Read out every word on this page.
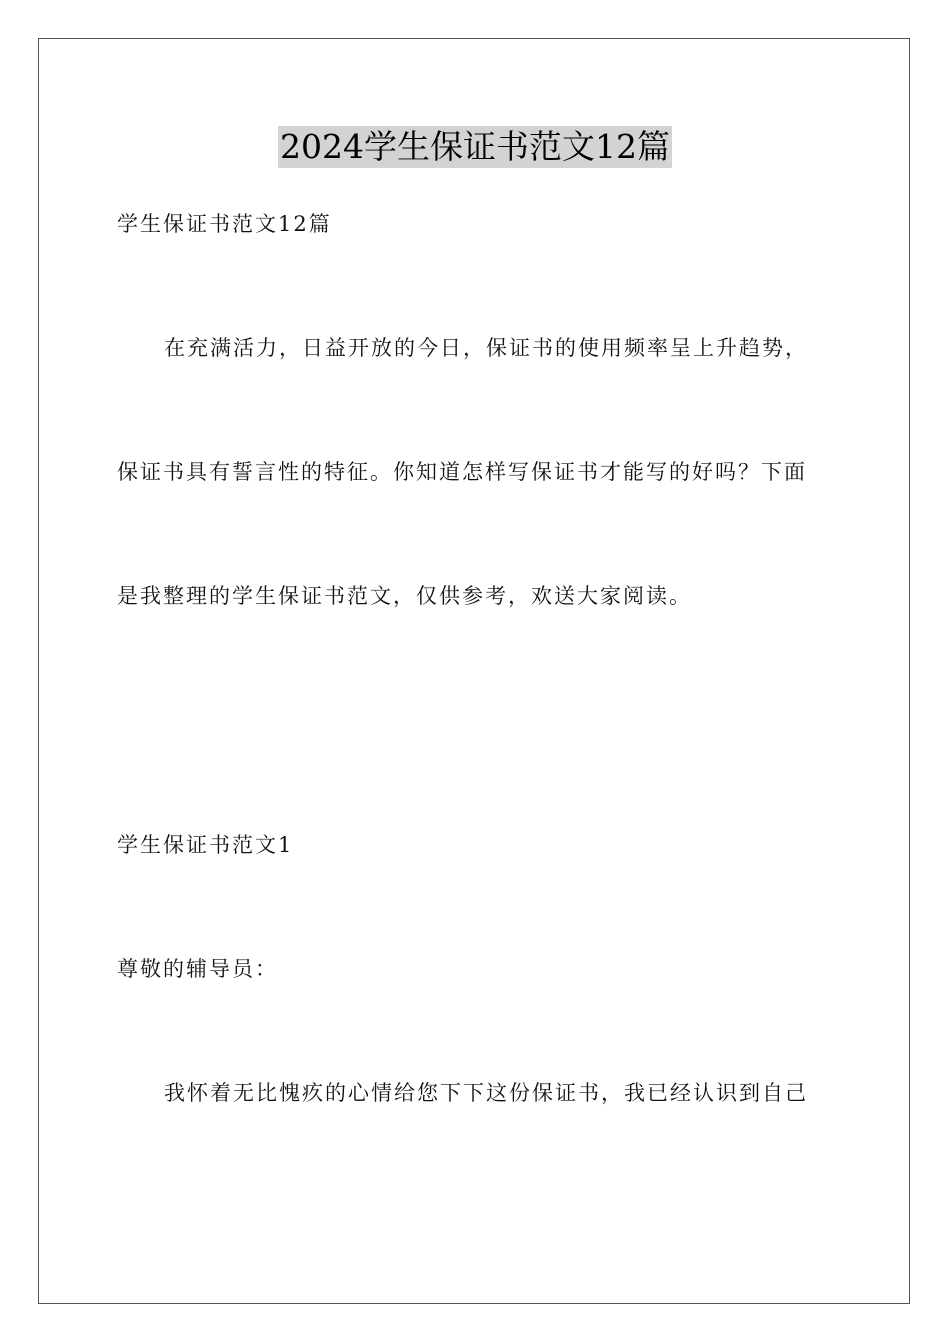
2024学生保证书范文12篇
学生保证书范文12篇
在充满活力，日益开放的今日，保证书的使用频率呈上升趋势，
保证书具有誓言性的特征。你知道怎样写保证书才能写的好吗？下面
是我整理的学生保证书范文，仅供参考，欢送大家阅读。
学生保证书范文1
尊敬的辅导员：
我怀着无比愧疚的心情给您下下这份保证书，我已经认识到自己
